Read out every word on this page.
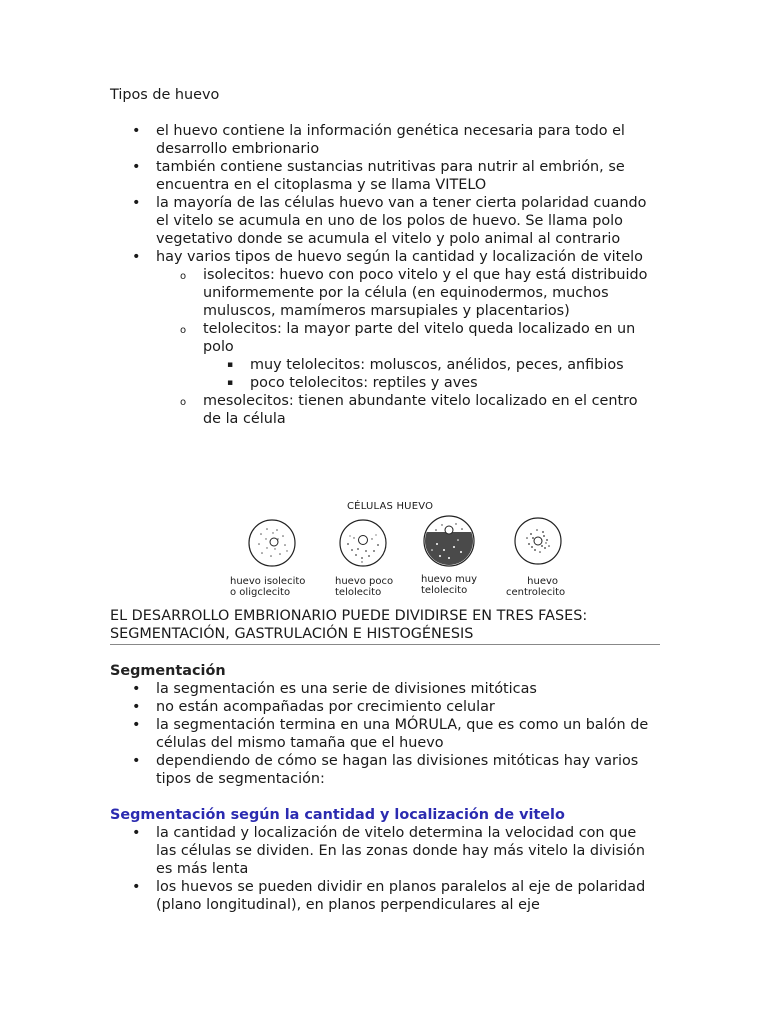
Tipos de huevo
• el huevo contiene la información genética necesaria para todo el desarrollo embrionario
• también contiene sustancias nutritivas para nutrir al embrión, se encuentra en el citoplasma y se llama VITELO
• la mayoría de las células huevo van a tener cierta polaridad cuando el vitelo se acumula en uno de los polos de huevo. Se llama polo vegetativo donde se acumula el vitelo y polo animal al contrario
• hay varios tipos de huevo según la cantidad y localización de vitelo
o isolecitos: huevo con poco vitelo y el que hay está distribuido uniformemente por la célula (en equinodermos, muchos muluscos, mamímeros marsupiales y placentarios)
o telolecitos: la mayor parte del vitelo queda localizado en un polo
▪ muy telolecitos: moluscos, anélidos, peces, anfibios
▪ poco telolecitos: reptiles y aves
o mesolecitos: tienen abundante vitelo localizado en el centro de la célula
CÉLULAS HUEVO
huevo isolecito
o oligclecito
huevo poco
telolecito
huevo muy
telolecito
huevo
centrolecito
EL DESARROLLO EMBRIONARIO PUEDE DIVIDIRSE EN TRES FASES: SEGMENTACIÓN, GASTRULACIÓN E HISTOGÉNESIS
Segmentación
• la segmentación es una serie de divisiones mitóticas
• no están acompañadas por crecimiento celular
• la segmentación termina en una MÓRULA, que es como un balón de células del mismo tamaña que el huevo
• dependiendo de cómo se hagan las divisiones mitóticas hay varios tipos de segmentación:
Segmentación según la cantidad y localización de vitelo
• la cantidad y localización de vitelo determina la velocidad con que las células se dividen. En las zonas donde hay más vitelo la división es más lenta
• los huevos se pueden dividir en planos paralelos al eje de polaridad (plano longitudinal), en planos perpendiculares al eje
